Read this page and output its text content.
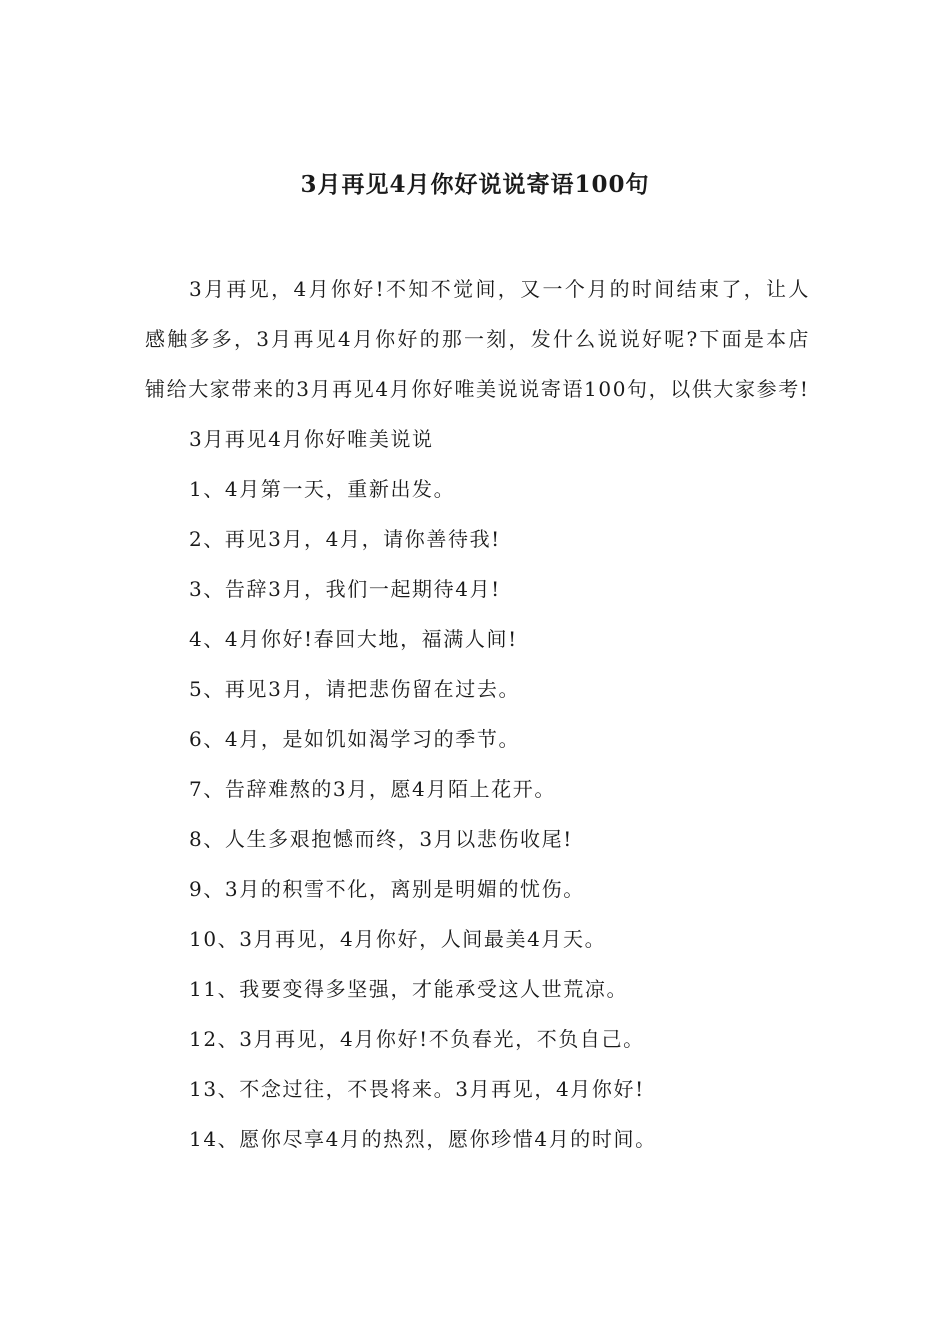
3月再见4月你好说说寄语100句

3月再见，4月你好!不知不觉间，又一个月的时间结束了，让人感触多多，3月再见4月你好的那一刻，发什么说说好呢?下面是本店铺给大家带来的3月再见4月你好唯美说说寄语100句，以供大家参考!

3月再见4月你好唯美说说

1、4月第一天，重新出发。
2、再见3月，4月，请你善待我!
3、告辞3月，我们一起期待4月!
4、4月你好!春回大地，福满人间!
5、再见3月，请把悲伤留在过去。
6、4月，是如饥如渴学习的季节。
7、告辞难熬的3月，愿4月陌上花开。
8、人生多艰抱憾而终，3月以悲伤收尾!
9、3月的积雪不化，离别是明媚的忧伤。
10、3月再见，4月你好，人间最美4月天。
11、我要变得多坚强，才能承受这人世荒凉。
12、3月再见，4月你好!不负春光，不负自己。
13、不念过往，不畏将来。3月再见，4月你好!
14、愿你尽享4月的热烈，愿你珍惜4月的时间。
